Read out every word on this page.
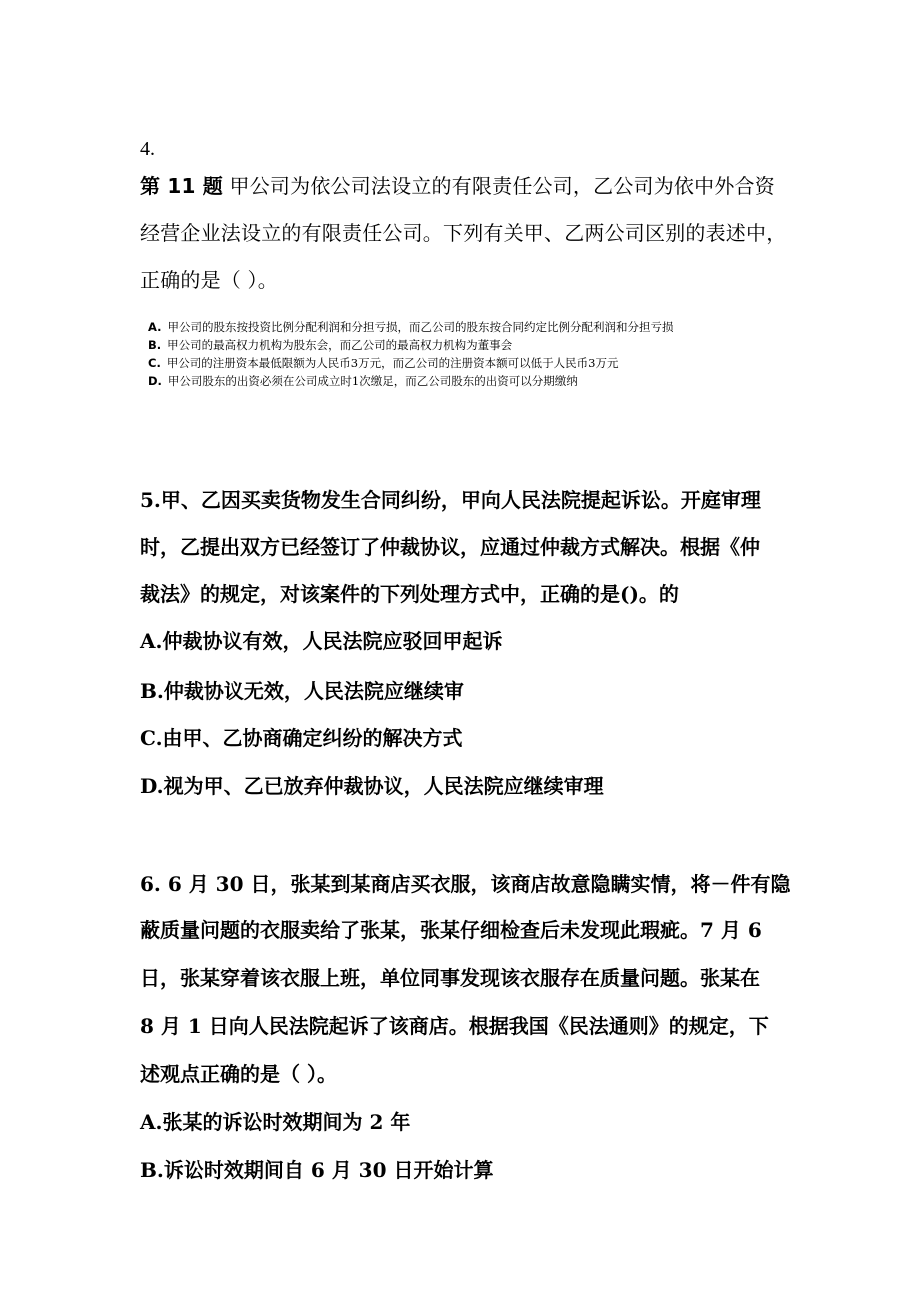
4.
第 11 题 甲公司为依公司法设立的有限责任公司，乙公司为依中外合资
经营企业法设立的有限责任公司。下列有关甲、乙两公司区别的表述中，
正确的是（ ）。
A. 甲公司的股东按投资比例分配利润和分担亏损，而乙公司的股东按合同约定比例分配利润和分担亏损
B. 甲公司的最高权力机构为股东会，而乙公司的最高权力机构为董事会
C. 甲公司的注册资本最低限额为人民币3万元，而乙公司的注册资本额可以低于人民币3万元
D. 甲公司股东的出资必须在公司成立时1次缴足，而乙公司股东的出资可以分期缴纳
5.甲、乙因买卖货物发生合同纠纷，甲向人民法院提起诉讼。开庭审理
时，乙提出双方已经签订了仲裁协议，应通过仲裁方式解决。根据《仲
裁法》的规定，对该案件的下列处理方式中，正确的是()。的
A.仲裁协议有效，人民法院应驳回甲起诉
B.仲裁协议无效，人民法院应继续审
C.由甲、乙协商确定纠纷的解决方式
D.视为甲、乙已放弃仲裁协议，人民法院应继续审理
6. 6 月 30 日，张某到某商店买衣服，该商店故意隐瞒实情，将－件有隐
蔽质量问题的衣服卖给了张某，张某仔细检查后未发现此瑕疵。7 月 6
日，张某穿着该衣服上班，单位同事发现该衣服存在质量问题。张某在
8 月 1 日向人民法院起诉了该商店。根据我国《民法通则》的规定，下
述观点正确的是（ ）。
A.张某的诉讼时效期间为 2 年
B.诉讼时效期间自 6 月 30 日开始计算
